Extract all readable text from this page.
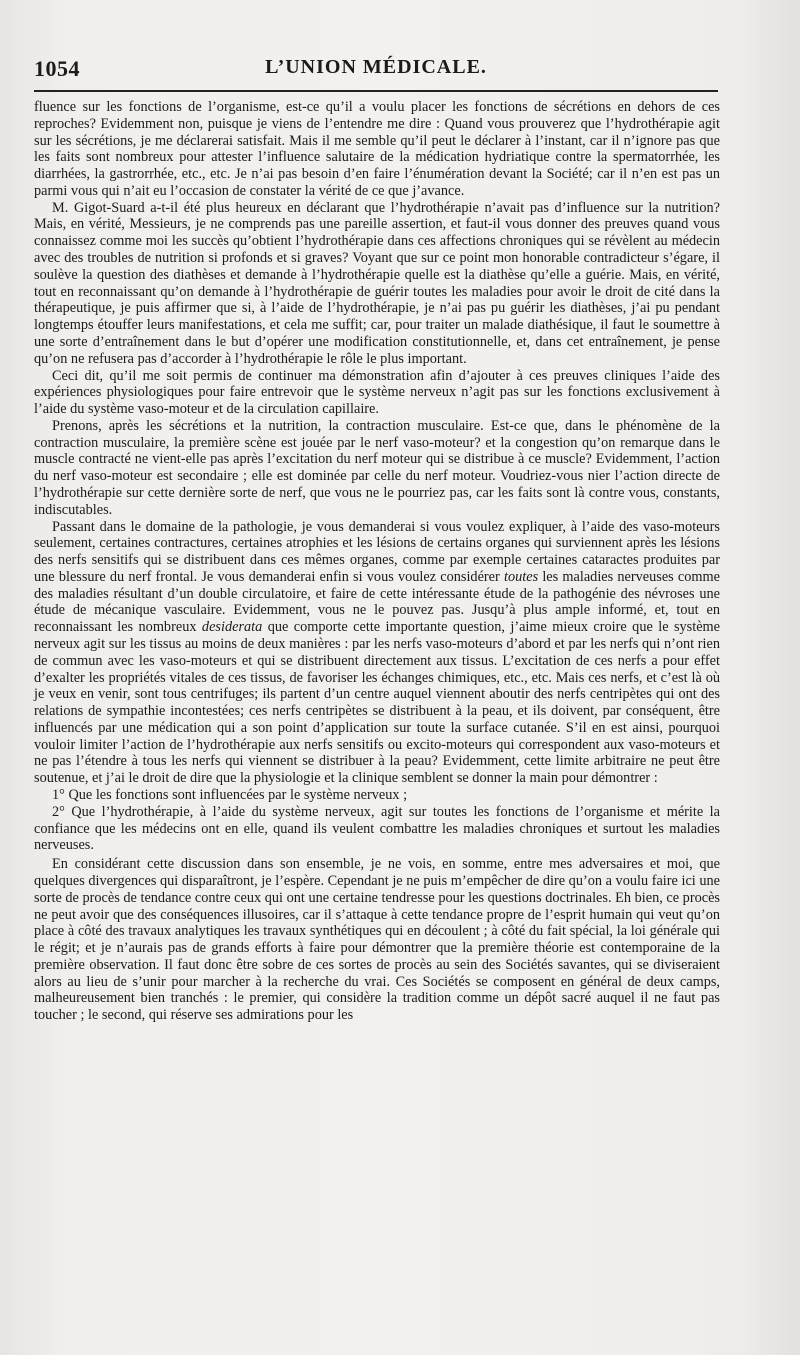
1054	L’UNION MÉDICALE.

fluence sur les fonctions de l’organisme, est-ce qu’il a voulu placer les fonctions de sécrétions en dehors de ces reproches? Evidemment non, puisque je viens de l’entendre me dire : Quand vous prouverez que l’hydrothérapie agit sur les sécrétions, je me déclarerai satisfait. Mais il me semble qu’il peut le déclarer à l’instant, car il n’ignore pas que les faits sont nombreux pour attester l’influence salutaire de la médication hydriatique contre la spermatorrhée, les diarrhées, la gastrorrhée, etc., etc. Je n’ai pas besoin d’en faire l’énumération devant la Société; car il n’en est pas un parmi vous qui n’ait eu l’occasion de constater la vérité de ce que j’avance.

M. Gigot-Suard a-t-il été plus heureux en déclarant que l’hydrothérapie n’avait pas d’influence sur la nutrition? Mais, en vérité, Messieurs, je ne comprends pas une pareille assertion, et faut-il vous donner des preuves quand vous connaissez comme moi les succès qu’obtient l’hydrothérapie dans ces affections chroniques qui se révèlent au médecin avec des troubles de nutrition si profonds et si graves? Voyant que sur ce point mon honorable contradicteur s’égare, il soulève la question des diathèses et demande à l’hydrothérapie quelle est la diathèse qu’elle a guérie. Mais, en vérité, tout en reconnaissant qu’on demande à l’hydrothérapie de guérir toutes les maladies pour avoir le droit de cité dans la thérapeutique, je puis affirmer que si, à l’aide de l’hydrothérapie, je n’ai pas pu guérir les diathèses, j’ai pu pendant longtemps étouffer leurs manifestations, et cela me suffit; car, pour traiter un malade diathésique, il faut le soumettre à une sorte d’entraînement dans le but d’opérer une modification constitutionnelle, et, dans cet entraînement, je pense qu’on ne refusera pas d’accorder à l’hydrothérapie le rôle le plus important.

Ceci dit, qu’il me soit permis de continuer ma démonstration afin d’ajouter à ces preuves cliniques l’aide des expériences physiologiques pour faire entrevoir que le système nerveux n’agit pas sur les fonctions exclusivement à l’aide du système vaso-moteur et de la circulation capillaire.

Prenons, après les sécrétions et la nutrition, la contraction musculaire. Est-ce que, dans le phénomène de la contraction musculaire, la première scène est jouée par le nerf vaso-moteur? et la congestion qu’on remarque dans le muscle contracté ne vient-elle pas après l’excitation du nerf moteur qui se distribue à ce muscle? Evidemment, l’action du nerf vaso-moteur est secondaire ; elle est dominée par celle du nerf moteur. Voudriez-vous nier l’action directe de l’hydrothérapie sur cette dernière sorte de nerf, que vous ne le pourriez pas, car les faits sont là contre vous, constants, indiscutables.

Passant dans le domaine de la pathologie, je vous demanderai si vous voulez expliquer, à l’aide des vaso-moteurs seulement, certaines contractures, certaines atrophies et les lésions de certains organes qui surviennent après les lésions des nerfs sensitifs qui se distribuent dans ces mêmes organes, comme par exemple certaines cataractes produites par une blessure du nerf frontal. Je vous demanderai enfin si vous voulez considérer toutes les maladies nerveuses comme des maladies résultant d’un double circulatoire, et faire de cette intéressante étude de la pathogénie des névroses une étude de mécanique vasculaire. Evidemment, vous ne le pouvez pas. Jusqu’à plus ample informé, et, tout en reconnaissant les nombreux desiderata que comporte cette importante question, j’aime mieux croire que le système nerveux agit sur les tissus au moins de deux manières : par les nerfs vaso-moteurs d’abord et par les nerfs qui n’ont rien de commun avec les vaso-moteurs et qui se distribuent directement aux tissus. L’excitation de ces nerfs a pour effet d’exalter les propriétés vitales de ces tissus, de favoriser les échanges chimiques, etc., etc. Mais ces nerfs, et c’est là où je veux en venir, sont tous centrifuges; ils partent d’un centre auquel viennent aboutir des nerfs centripètes qui ont des relations de sympathie incontestées; ces nerfs centripètes se distribuent à la peau, et ils doivent, par conséquent, être influencés par une médication qui a son point d’application sur toute la surface cutanée. S’il en est ainsi, pourquoi vouloir limiter l’action de l’hydrothérapie aux nerfs sensitifs ou excito-moteurs qui correspondent aux vaso-moteurs et ne pas l’étendre à tous les nerfs qui viennent se distribuer à la peau? Evidemment, cette limite arbitraire ne peut être soutenue, et j’ai le droit de dire que la physiologie et la clinique semblent se donner la main pour démontrer :

1° Que les fonctions sont influencées par le système nerveux ;

2° Que l’hydrothérapie, à l’aide du système nerveux, agit sur toutes les fonctions de l’organisme et mérite la confiance que les médecins ont en elle, quand ils veulent combattre les maladies chroniques et surtout les maladies nerveuses.

En considérant cette discussion dans son ensemble, je ne vois, en somme, entre mes adversaires et moi, que quelques divergences qui disparaîtront, je l’espère. Cependant je ne puis m’empêcher de dire qu’on a voulu faire ici une sorte de procès de tendance contre ceux qui ont une certaine tendresse pour les questions doctrinales. Eh bien, ce procès ne peut avoir que des conséquences illusoires, car il s’attaque à cette tendance propre de l’esprit humain qui veut qu’on place à côté des travaux analytiques les travaux synthétiques qui en découlent ; à côté du fait spécial, la loi générale qui le régit; et je n’aurais pas de grands efforts à faire pour démontrer que la première théorie est contemporaine de la première observation. Il faut donc être sobre de ces sortes de procès au sein des Sociétés savantes, qui se diviseraient alors au lieu de s’unir pour marcher à la recherche du vrai. Ces Sociétés se composent en général de deux camps, malheureusement bien tranchés : le premier, qui considère la tradition comme un dépôt sacré auquel il ne faut pas toucher ; le second, qui réserve ses admirations pour les
